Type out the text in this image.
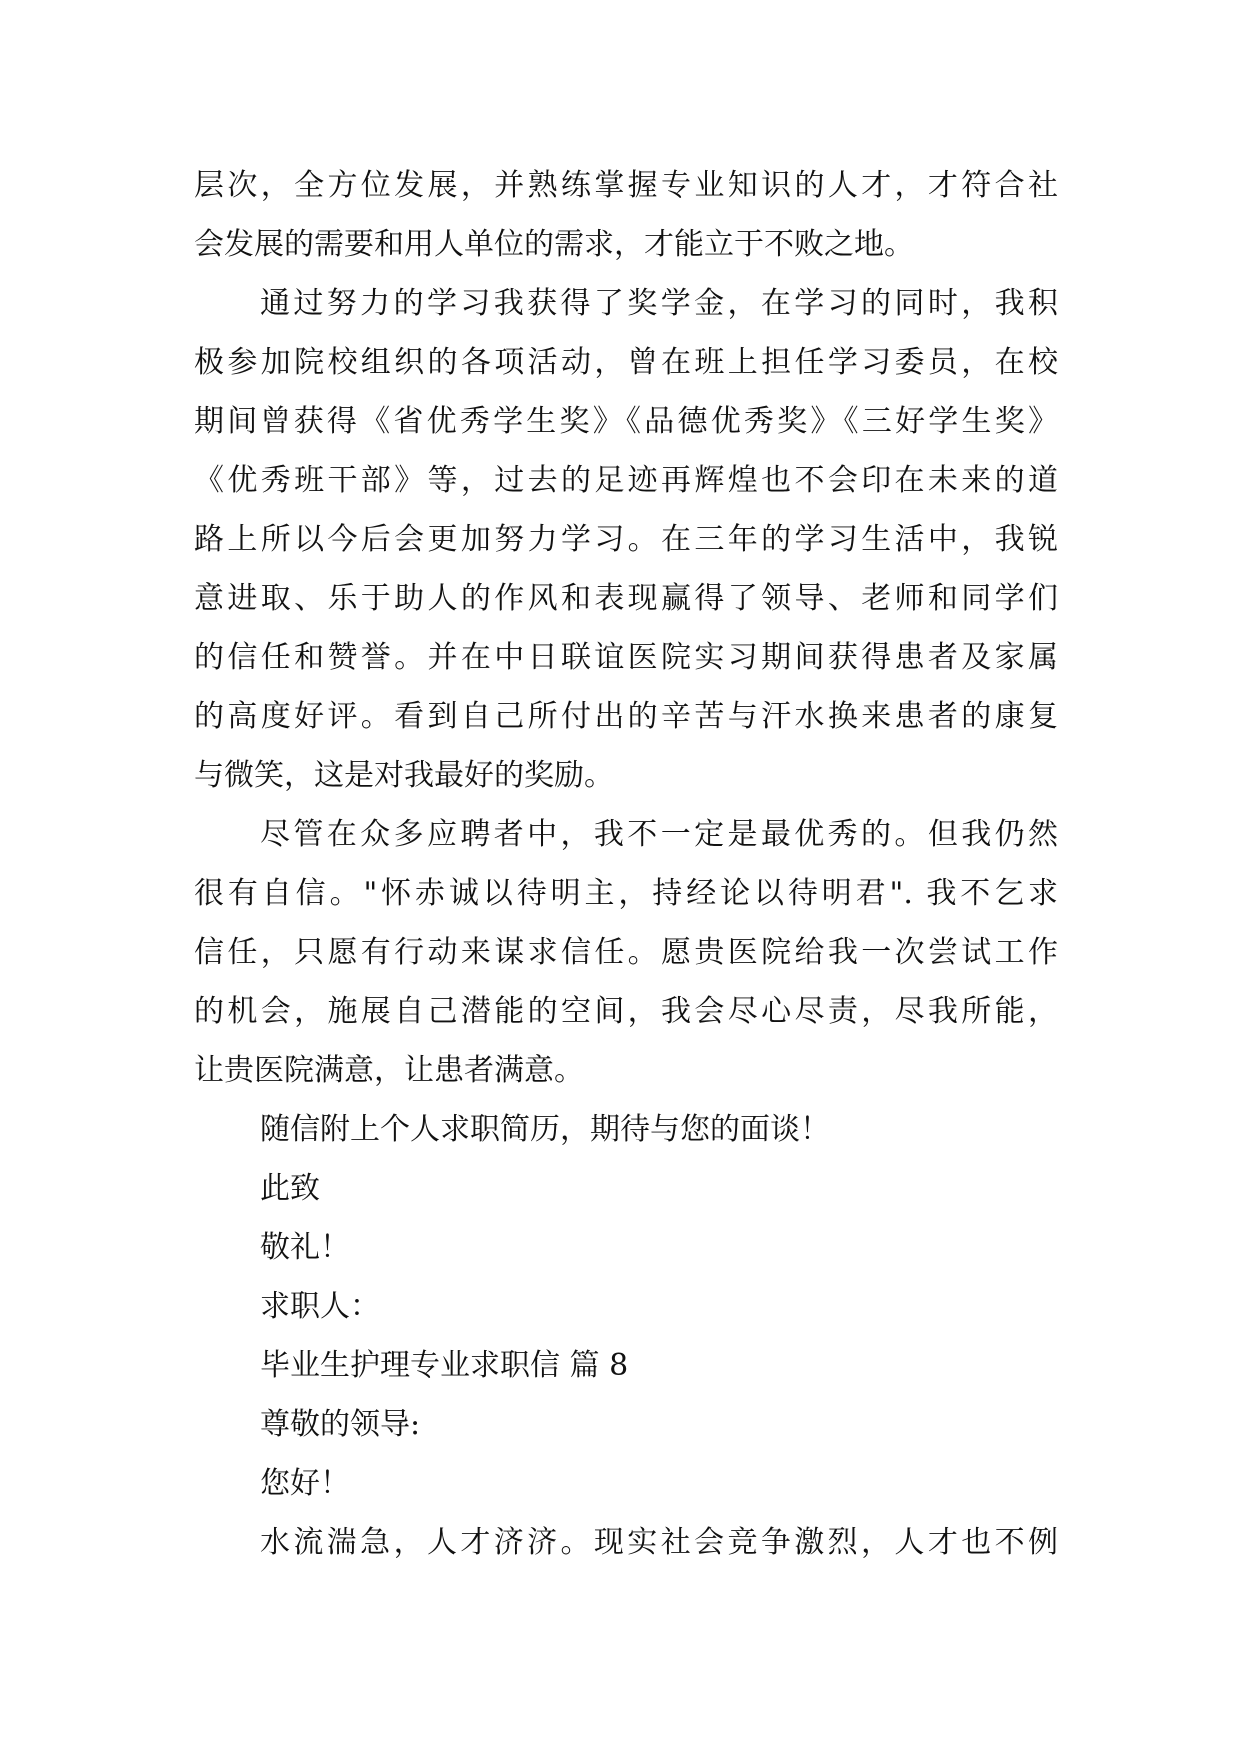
层次，全方位发展，并熟练掌握专业知识的人才，才符合社
会发展的需要和用人单位的需求，才能立于不败之地。
通过努力的学习我获得了奖学金，在学习的同时，我积
极参加院校组织的各项活动，曾在班上担任学习委员，在校
期间曾获得《省优秀学生奖》《品德优秀奖》《三好学生奖》
《优秀班干部》等，过去的足迹再辉煌也不会印在未来的道
路上所以今后会更加努力学习。在三年的学习生活中，我锐
意进取、乐于助人的作风和表现赢得了领导、老师和同学们
的信任和赞誉。并在中日联谊医院实习期间获得患者及家属
的高度好评。看到自己所付出的辛苦与汗水换来患者的康复
与微笑，这是对我最好的奖励。
尽管在众多应聘者中，我不一定是最优秀的。但我仍然
很有自信。"怀赤诚以待明主，持经论以待明君". 我不乞求
信任，只愿有行动来谋求信任。愿贵医院给我一次尝试工作
的机会，施展自己潜能的空间，我会尽心尽责，尽我所能，
让贵医院满意，让患者满意。
随信附上个人求职简历，期待与您的面谈！
此致
敬礼！
求职人：
毕业生护理专业求职信 篇 8
尊敬的领导:
您好！
水流湍急，人才济济。现实社会竞争激烈，人才也不例
